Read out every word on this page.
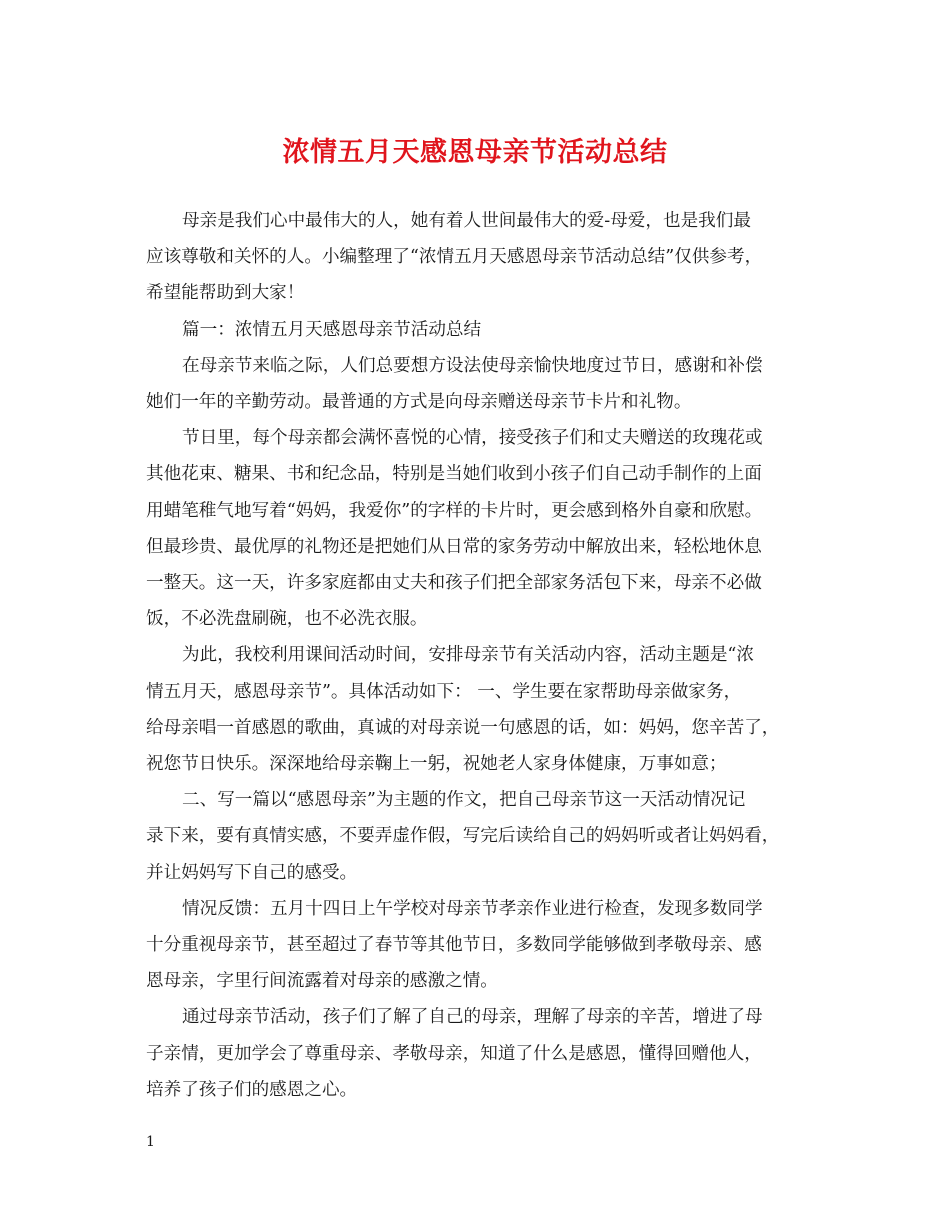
浓情五月天感恩母亲节活动总结

母亲是我们心中最伟大的人，她有着人世间最伟大的爱-母爱，也是我们最
应该尊敬和关怀的人。小编整理了“浓情五月天感恩母亲节活动总结”仅供参考，
希望能帮助到大家！

篇一：浓情五月天感恩母亲节活动总结

在母亲节来临之际，人们总要想方设法使母亲愉快地度过节日，感谢和补偿
她们一年的辛勤劳动。最普通的方式是向母亲赠送母亲节卡片和礼物。

节日里，每个母亲都会满怀喜悦的心情，接受孩子们和丈夫赠送的玫瑰花或
其他花束、糖果、书和纪念品，特别是当她们收到小孩子们自己动手制作的上面
用蜡笔稚气地写着“妈妈，我爱你”的字样的卡片时，更会感到格外自豪和欣慰。
但最珍贵、最优厚的礼物还是把她们从日常的家务劳动中解放出来，轻松地休息
一整天。这一天，许多家庭都由丈夫和孩子们把全部家务活包下来，母亲不必做
饭，不必洗盘刷碗，也不必洗衣服。

为此，我校利用课间活动时间，安排母亲节有关活动内容，活动主题是“浓
情五月天，感恩母亲节”。具体活动如下： 一、学生要在家帮助母亲做家务，
给母亲唱一首感恩的歌曲，真诚的对母亲说一句感恩的话，如：妈妈，您辛苦了，
祝您节日快乐。深深地给母亲鞠上一躬，祝她老人家身体健康，万事如意；

二、写一篇以“感恩母亲”为主题的作文，把自己母亲节这一天活动情况记
录下来，要有真情实感，不要弄虚作假，写完后读给自己的妈妈听或者让妈妈看，
并让妈妈写下自己的感受。

情况反馈：五月十四日上午学校对母亲节孝亲作业进行检查，发现多数同学
十分重视母亲节，甚至超过了春节等其他节日，多数同学能够做到孝敬母亲、感
恩母亲，字里行间流露着对母亲的感激之情。

通过母亲节活动，孩子们了解了自己的母亲，理解了母亲的辛苦，增进了母
子亲情，更加学会了尊重母亲、孝敬母亲，知道了什么是感恩，懂得回赠他人，
培养了孩子们的感恩之心。

1
